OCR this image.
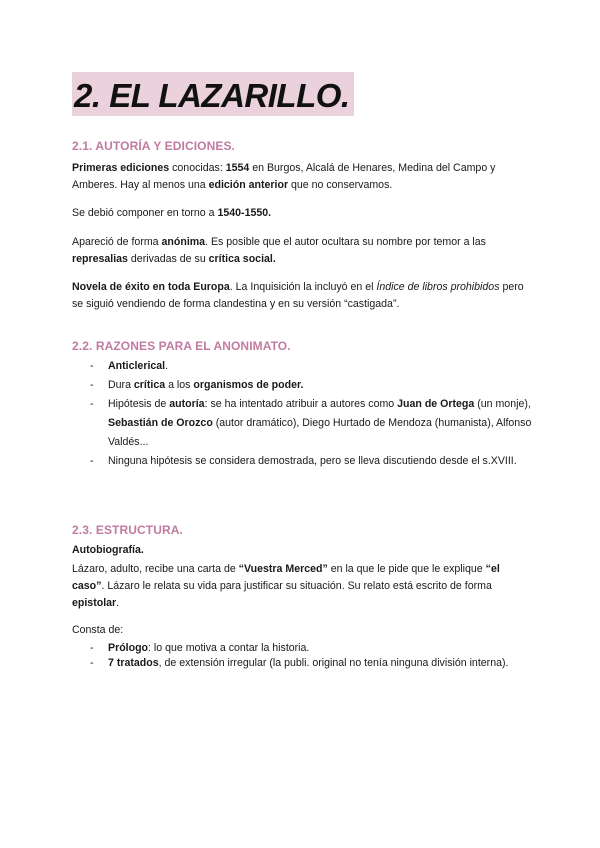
2. EL LAZARILLO.
2.1. AUTORÍA Y EDICIONES.

Primeras ediciones conocidas: 1554 en Burgos, Alcalá de Henares, Medina del Campo y Amberes. Hay al menos una edición anterior que no conservamos.

Se debió componer en torno a 1540-1550.

Apareció de forma anónima. Es posible que el autor ocultara su nombre por temor a las represalias derivadas de su crítica social.

Novela de éxito en toda Europa. La Inquisición la incluyó en el Índice de libros prohibidos pero se siguió vendiendo de forma clandestina y en su versión “castigada”.

2.2. RAZONES PARA EL ANONIMATO.
- Anticlerical.
- Dura crítica a los organismos de poder.
- Hipótesis de autoría: se ha intentado atribuir a autores como Juan de Ortega (un monje), Sebastián de Orozco (autor dramático), Diego Hurtado de Mendoza (humanista), Alfonso Valdés...
- Ninguna hipótesis se considera demostrada, pero se lleva discutiendo desde el s.XVIII.
2.3. ESTRUCTURA.

Autobiografía.

Lázaro, adulto, recibe una carta de “Vuestra Merced” en la que le pide que le explique “el caso”. Lázaro le relata su vida para justificar su situación. Su relato está escrito de forma epistolar.

Consta de:

- Prólogo: lo que motiva a contar la historia.
- 7 tratados, de extensión irregular (la publi. original no tenía ninguna división interna).
